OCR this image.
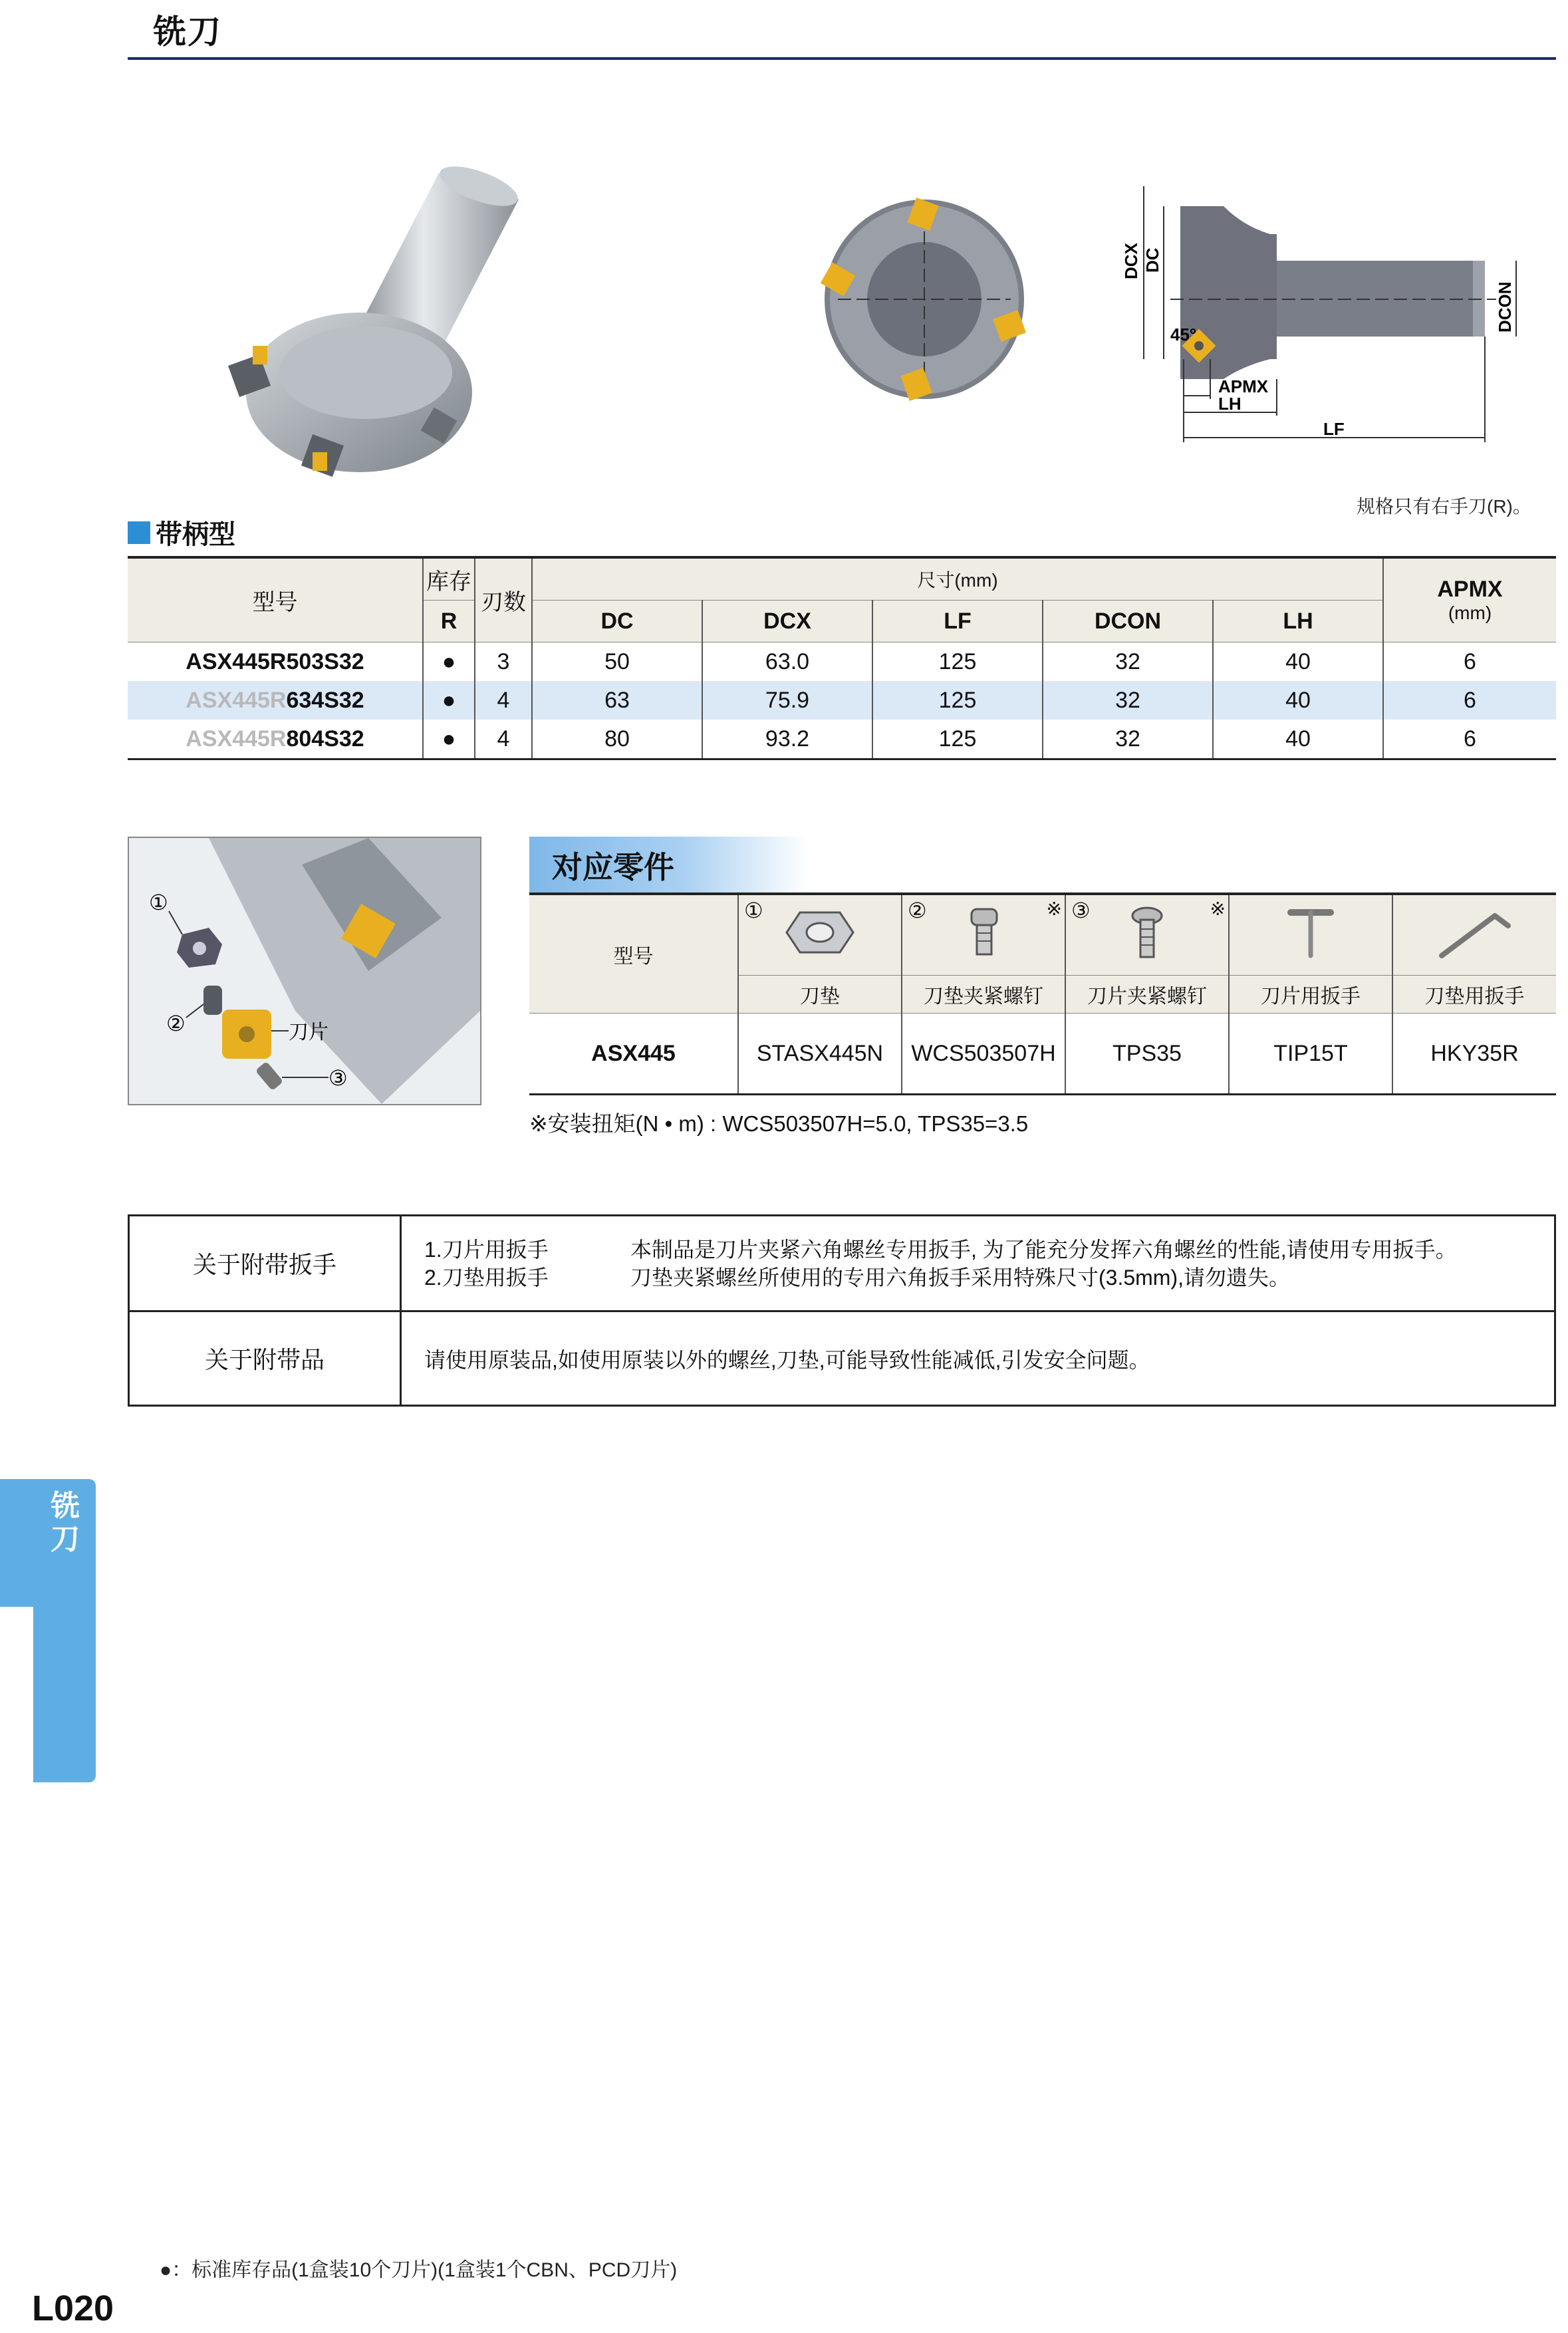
铣刀
DCX DC
45°
APMX
LH
LF
DCON
规格只有右手刀(R)。
带柄型
型号	库存	刃数	尺寸(mm)					APMX
(mm)

	R		DC	DCX	LF	DCON	LH	
ASX445R503S32	●	3	50	63.0	125	32	40	6
ASX445R634S32	●	4	63	75.9	125	32	40	6
ASX445R804S32	●	4	80	93.2	125	32	40	6
①
②	刀片
③
对应零件
型号	①	② ※	③ ※

	刀垫	刀垫夹紧螺钉	刀片夹紧螺钉	刀片用扳手	刀垫用扳手
ASX445	STASX445N	WCS503507H	TPS35	TIP15T	HKY35R
※安装扭矩(N • m) : WCS503507H=5.0, TPS35=3.5
关于附带扳手	1.刀片用扳手 本制品是刀片夹紧六角螺丝专用扳手, 为了能充分发挥六角螺丝的性能,请使用专用扳手。
2.刀垫用扳手 刀垫夹紧螺丝所使用的专用六角扳手采用特殊尺寸(3.5mm),请勿遗失。

关于附带品	请使用原装品,如使用原装以外的螺丝,刀垫,可能导致性能减低,引发安全问题。
铣
刀
●：标准库存品(1盒装10个刀片)(1盒装1个CBN、PCD刀片)
L020
